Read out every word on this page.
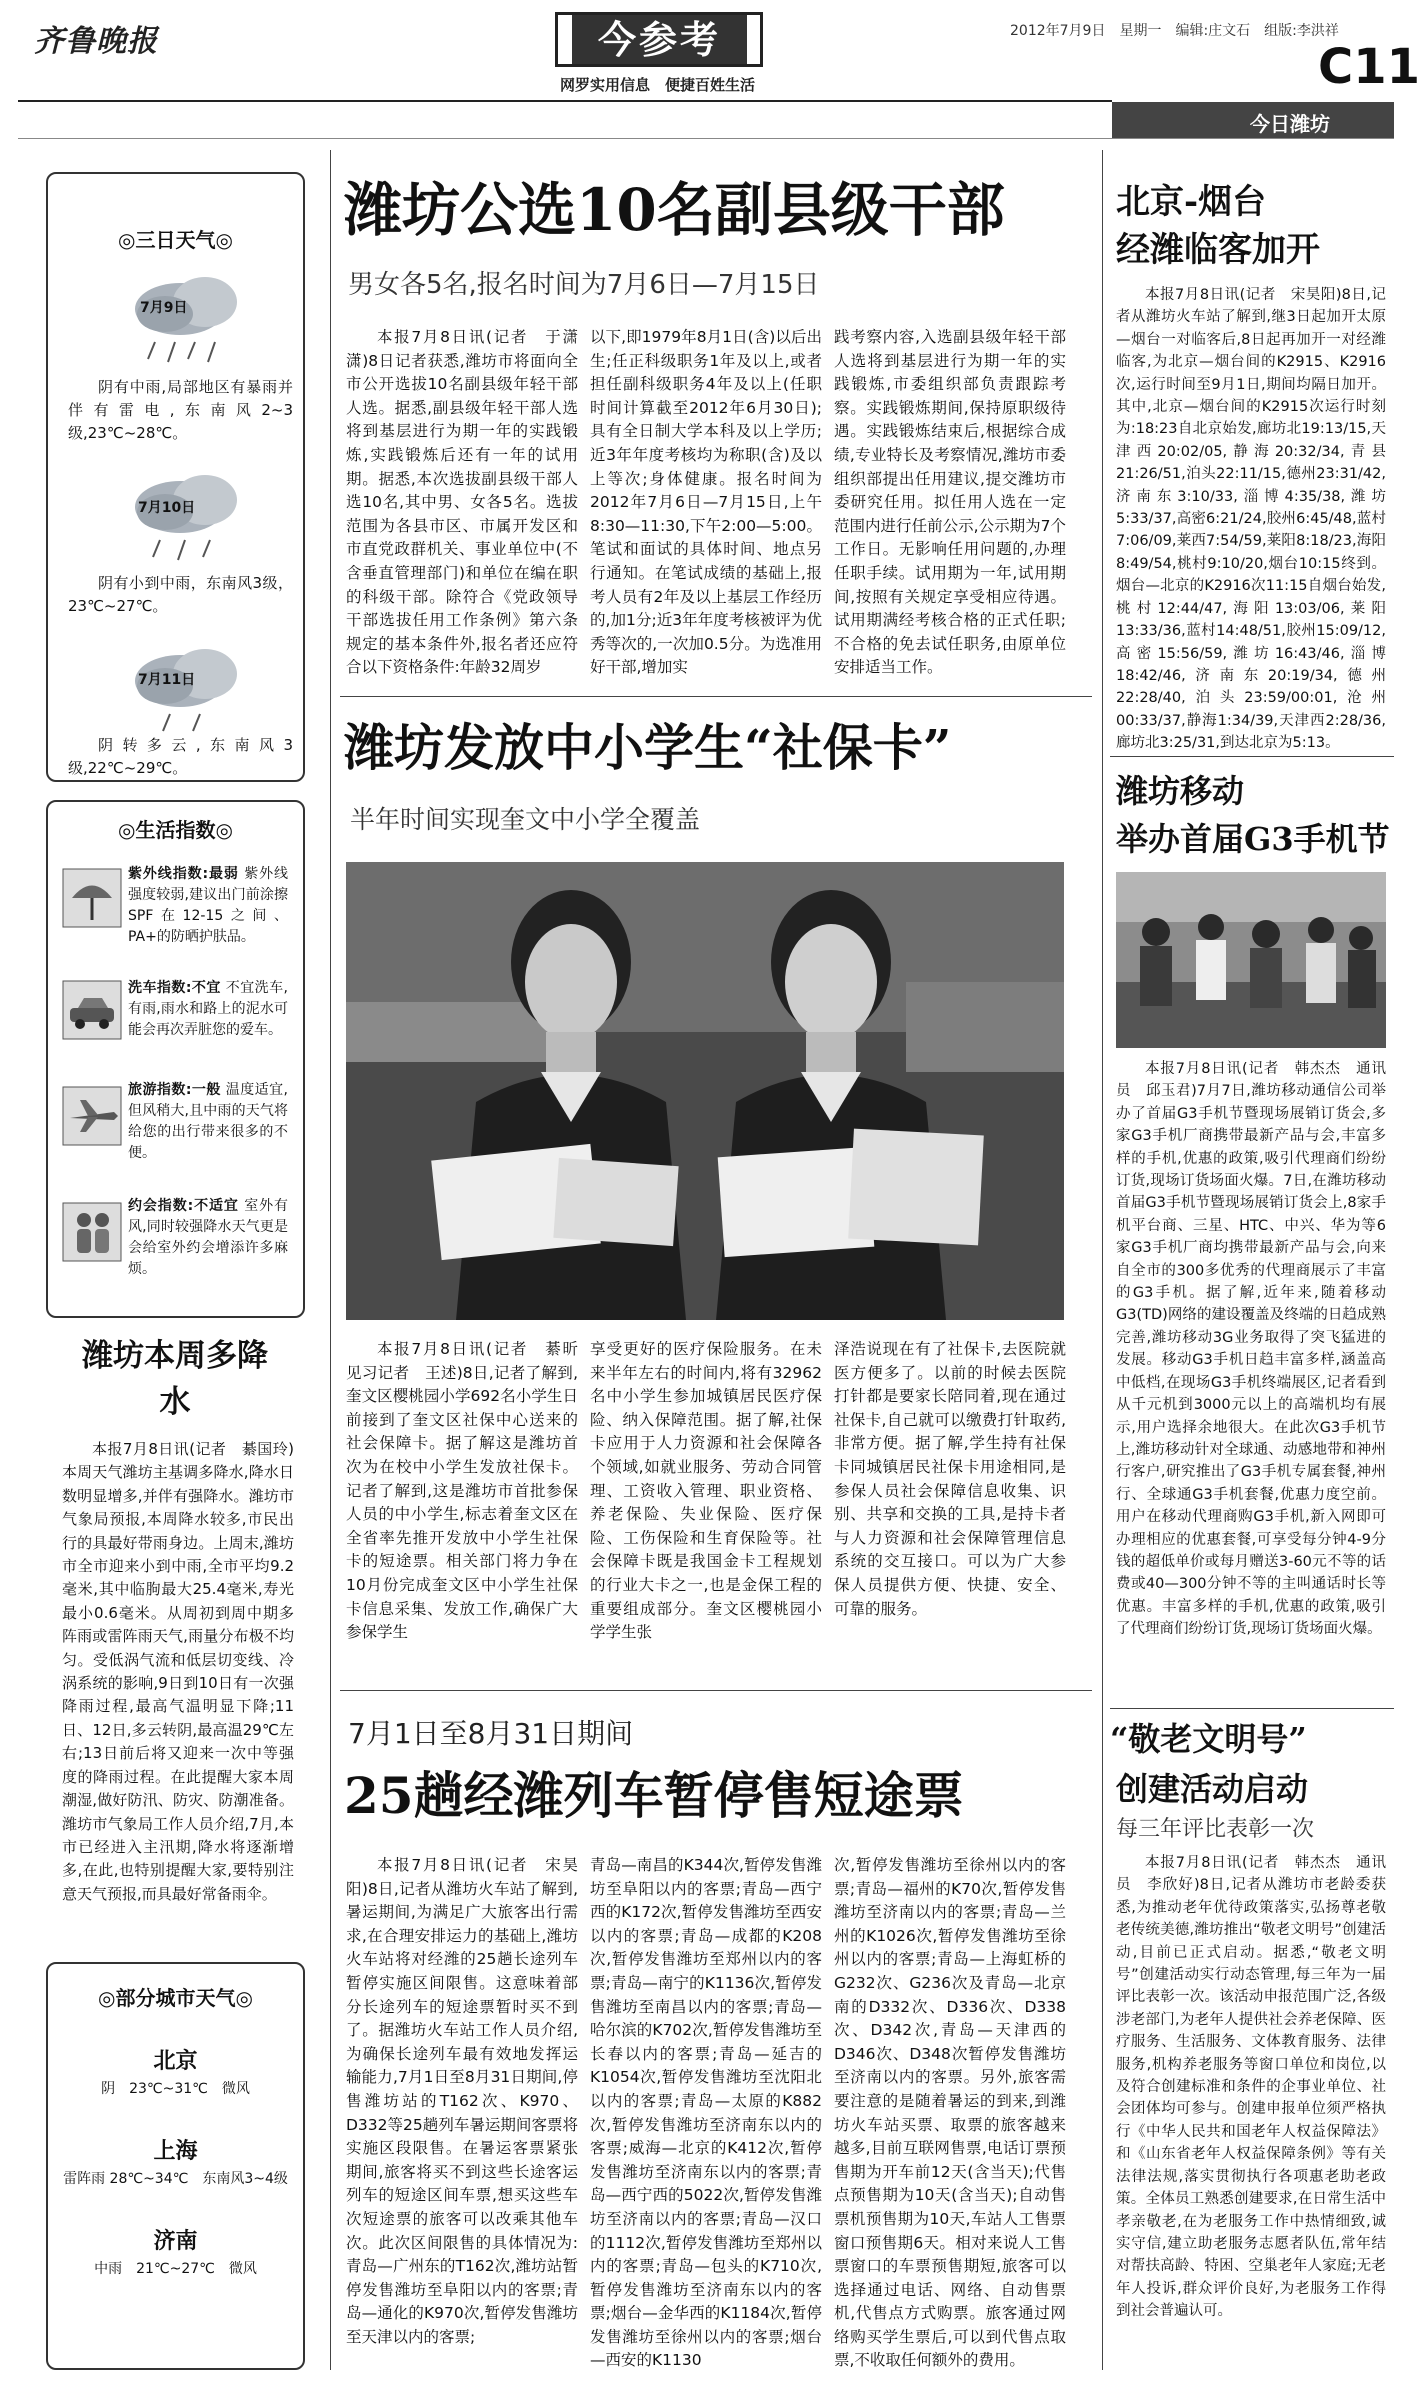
齐鲁晚报	今参考
网罗实用信息　便捷百姓生活
2012年7月9日　星期一　编辑:庄文石　组版:李洪祥
C11
今日潍坊
◎三日天气◎
7月9日
阴有中雨,局部地区有暴雨并伴有雷电,东南风2~3级,23℃~28℃。
7月10日
阴有小到中雨，东南风3级，23℃~27℃。
7月11日
阴转多云,东南风3级,22℃~29℃。
◎生活指数◎
紫外线指数:最弱 紫外线强度较弱,建议出门前涂擦SPF在12-15之间、PA+的防晒护肤品。
洗车指数:不宜 不宜洗车,有雨,雨水和路上的泥水可能会再次弄脏您的爱车。
旅游指数:一般 温度适宜,但风稍大,且中雨的天气将给您的出行带来很多的不便。
约会指数:不适宜 室外有风,同时较强降水天气更是会给室外约会增添许多麻烦。
潍坊本周多降水
本报7月8日讯(记者　綦国玲)本周天气潍坊主基调多降水,降水日数明显增多,并伴有强降水。潍坊市气象局预报,本周降水较多,市民出行的具最好带雨身边。上周末,潍坊市全市迎来小到中雨,全市平均9.2毫米,其中临朐最大25.4毫米,寿光最小0.6毫米。从周初到周中期多阵雨或雷阵雨天气,雨量分布极不均匀。受低涡气流和低层切变线、冷涡系统的影响,9日到10日有一次强降雨过程,最高气温明显下降;11日、12日,多云转阴,最高温29℃左右;13日前后将又迎来一次中等强度的降雨过程。在此提醒大家本周潮湿,做好防汛、防灾、防潮准备。潍坊市气象局工作人员介绍,7月,本市已经进入主汛期,降水将逐渐增多,在此,也特别提醒大家,要特别注意天气预报,而具最好常备雨伞。
◎部分城市天气◎
北京
阴　23℃~31℃　微风
上海
雷阵雨 28℃~34℃　东南风3~4级
济南
中雨　21℃~27℃　微风
潍坊公选10名副县级干部
男女各5名,报名时间为7月6日—7月15日
本报7月8日讯(记者　于潇潇)8日记者获悉,潍坊市将面向全市公开选拔10名副县级年轻干部人选。据悉,副县级年轻干部人选将到基层进行为期一年的实践锻炼,实践锻炼后还有一年的试用期。据悉,本次选拔副县级干部人选10名,其中男、女各5名。选拔范围为各县市区、市属开发区和市直党政群机关、事业单位中(不含垂直管理部门)和单位在编在职的科级干部。除符合《党政领导干部选拔任用工作条例》第六条规定的基本条件外,报名者还应符合以下资格条件:年龄32周岁
以下,即1979年8月1日(含)以后出生;任正科级职务1年及以上,或者担任副科级职务4年及以上(任职时间计算截至2012年6月30日);具有全日制大学本科及以上学历;近3年年度考核均为称职(含)及以上等次;身体健康。报名时间为2012年7月6日—7月15日,上午8:30—11:30,下午2:00—5:00。笔试和面试的具体时间、地点另行通知。在笔试成绩的基础上,报考人员有2年及以上基层工作经历的,加1分;近3年年度考核被评为优秀等次的,一次加0.5分。为选准用好干部,增加实
践考察内容,入选副县级年轻干部人选将到基层进行为期一年的实践锻炼,市委组织部负责跟踪考察。实践锻炼期间,保持原职级待遇。实践锻炼结束后,根据综合成绩,专业特长及考察情况,潍坊市委组织部提出任用建议,提交潍坊市委研究任用。拟任用人选在一定范围内进行任前公示,公示期为7个工作日。无影响任用问题的,办理任职手续。试用期为一年,试用期间,按照有关规定享受相应待遇。试用期满经考核合格的正式任职;不合格的免去试任职务,由原单位安排适当工作。
潍坊发放中小学生“社保卡”
半年时间实现奎文中小学全覆盖
本报7月8日讯(记者　綦昕　见习记者　王述)8日,记者了解到,奎文区樱桃园小学692名小学生日前接到了奎文区社保中心送来的社会保障卡。据了解这是潍坊首次为在校中小学生发放社保卡。记者了解到,这是潍坊市首批参保人员的中小学生,标志着奎文区在全省率先推开发放中小学生社保卡的短途票。相关部门将力争在10月份完成奎文区中小学生社保卡信息采集、发放工作,确保广大参保学生
享受更好的医疗保险服务。在未来半年左右的时间内,将有32962名中小学生参加城镇居民医疗保险、纳入保障范围。据了解,社保卡应用于人力资源和社会保障各个领域,如就业服务、劳动合同管理、工资收入管理、职业资格、养老保险、失业保险、医疗保险、工伤保险和生育保险等。社会保障卡既是我国金卡工程规划的行业大卡之一,也是金保工程的重要组成部分。奎文区樱桃园小学学生张
泽浩说现在有了社保卡,去医院就医方便多了。以前的时候去医院打针都是要家长陪同着,现在通过社保卡,自己就可以缴费打针取药,非常方便。据了解,学生持有社保卡同城镇居民社保卡用途相同,是参保人员社会保障信息收集、识别、共享和交换的工具,是持卡者与人力资源和社会保障管理信息系统的交互接口。可以为广大参保人员提供方便、快捷、安全、可靠的服务。
7月1日至8月31日期间
25趟经潍列车暂停售短途票
本报7月8日讯(记者　宋昊阳)8日,记者从潍坊火车站了解到,暑运期间,为满足广大旅客出行需求,在合理安排运力的基础上,潍坊火车站将对经潍的25趟长途列车暂停实施区间限售。这意味着部分长途列车的短途票暂时买不到了。据潍坊火车站工作人员介绍,为确保长途列车最有效地发挥运输能力,7月1日至8月31日期间,停售潍坊站的T162次、K970、D332等25趟列车暑运期间客票将实施区段限售。在暑运客票紧张期间,旅客将买不到这些长途客运列车的短途区间车票,想买这些车次短途票的旅客可以改乘其他车次。此次区间限售的具体情况为:青岛—广州东的T162次,潍坊站暂停发售潍坊至阜阳以内的客票;青岛—通化的K970次,暂停发售潍坊至天津以内的客票;
青岛—南昌的K344次,暂停发售潍坊至阜阳以内的客票;青岛—西宁西的K172次,暂停发售潍坊至西安以内的客票;青岛—成都的K208次,暂停发售潍坊至郑州以内的客票;青岛—南宁的K1136次,暂停发售潍坊至南昌以内的客票;青岛—哈尔滨的K702次,暂停发售潍坊至长春以内的客票;青岛—延吉的K1054次,暂停发售潍坊至沈阳北以内的客票;青岛—太原的K882次,暂停发售潍坊至济南东以内的客票;威海—北京的K412次,暂停发售潍坊至济南东以内的客票;青岛—西宁西的5022次,暂停发售潍坊至济南以内的客票;青岛—汉口的1112次,暂停发售潍坊至郑州以内的客票;青岛—包头的K710次,暂停发售潍坊至济南东以内的客票;烟台—金华西的K1184次,暂停发售潍坊至徐州以内的客票;烟台—西安的K1130
次,暂停发售潍坊至徐州以内的客票;青岛—福州的K70次,暂停发售潍坊至济南以内的客票;青岛—兰州的K1026次,暂停发售潍坊至徐州以内的客票;青岛—上海虹桥的G232次、G236次及青岛—北京南的D332次、D336次、D338次、D342次,青岛—天津西的D346次、D348次暂停发售潍坊至济南以内的客票。另外,旅客需要注意的是随着暑运的到来,到潍坊火车站买票、取票的旅客越来越多,目前互联网售票,电话订票预售期为开车前12天(含当天);代售点预售期为10天(含当天);自动售票机预售期为10天,车站人工售票窗口预售期6天。相对来说人工售票窗口的车票预售期短,旅客可以选择通过电话、网络、自动售票机,代售点方式购票。旅客通过网络购买学生票后,可以到代售点取票,不收取任何额外的费用。
北京-烟台
经潍临客加开
本报7月8日讯(记者　宋昊阳)8日,记者从潍坊火车站了解到,继3日起加开太原—烟台一对临客后,8日起再加开一对经潍临客,为北京—烟台间的K2915、K2916次,运行时间至9月1日,期间均隔日加开。其中,北京—烟台间的K2915次运行时刻为:18:23自北京始发,廊坊北19:13/15,天津西20:02/05,静海20:32/34,青县21:26/51,泊头22:11/15,德州23:31/42,济南东3:10/33,淄博4:35/38,潍坊5:33/37,高密6:21/24,胶州6:45/48,蓝村7:06/09,莱西7:54/59,莱阳8:18/23,海阳8:49/54,桃村9:10/20,烟台10:15终到。烟台—北京的K2916次11:15自烟台始发,桃村12:44/47,海阳13:03/06,莱阳13:33/36,蓝村14:48/51,胶州15:09/12,高密15:56/59,潍坊16:43/46,淄博18:42/46,济南东20:19/34,德州22:28/40,泊头23:59/00:01,沧州00:33/37,静海1:34/39,天津西2:28/36,廊坊北3:25/31,到达北京为5:13。
潍坊移动
举办首届G3手机节
本报7月8日讯(记者　韩杰杰　通讯员　邱玉君)7月7日,潍坊移动通信公司举办了首届G3手机节暨现场展销订货会,多家G3手机厂商携带最新产品与会,丰富多样的手机,优惠的政策,吸引代理商们纷纷订货,现场订货场面火爆。7日,在潍坊移动首届G3手机节暨现场展销订货会上,8家手机平台商、三星、HTC、中兴、华为等6家G3手机厂商均携带最新产品与会,向来自全市的300多优秀的代理商展示了丰富的G3手机。据了解,近年来,随着移动G3(TD)网络的建设覆盖及终端的日趋成熟完善,潍坊移动3G业务取得了突飞猛进的发展。移动G3手机日趋丰富多样,涵盖高中低档,在现场G3手机终端展区,记者看到从千元机到3000元以上的高端机均有展示,用户选择余地很大。在此次G3手机节上,潍坊移动针对全球通、动感地带和神州行客户,研究推出了G3手机专属套餐,神州行、全球通G3手机套餐,优惠力度空前。用户在移动代理商购G3手机,新入网即可办理相应的优惠套餐,可享受每分钟4-9分钱的超低单价或每月赠送3-60元不等的话费或40—300分钟不等的主叫通话时长等优惠。丰富多样的手机,优惠的政策,吸引了代理商们纷纷订货,现场订货场面火爆。
“敬老文明号”
创建活动启动
每三年评比表彰一次
本报7月8日讯(记者　韩杰杰　通讯员　李欣好)8日,记者从潍坊市老龄委获悉,为推动老年优待政策落实,弘扬尊老敬老传统美德,潍坊推出“敬老文明号”创建活动,目前已正式启动。据悉,“敬老文明号”创建活动实行动态管理,每三年为一届评比表彰一次。该活动申报范围广泛,各级涉老部门,为老年人提供社会养老保障、医疗服务、生活服务、文体教育服务、法律服务,机构养老服务等窗口单位和岗位,以及符合创建标准和条件的企事业单位、社会团体均可参与。创建申报单位须严格执行《中华人民共和国老年人权益保障法》和《山东省老年人权益保障条例》等有关法律法规,落实贯彻执行各项惠老助老政策。全体员工熟悉创建要求,在日常生活中孝亲敬老,在为老服务工作中热情细致,诚实守信,建立助老服务志愿者队伍,常年结对帮扶高龄、特困、空巢老年人家庭;无老年人投诉,群众评价良好,为老服务工作得到社会普遍认可。
